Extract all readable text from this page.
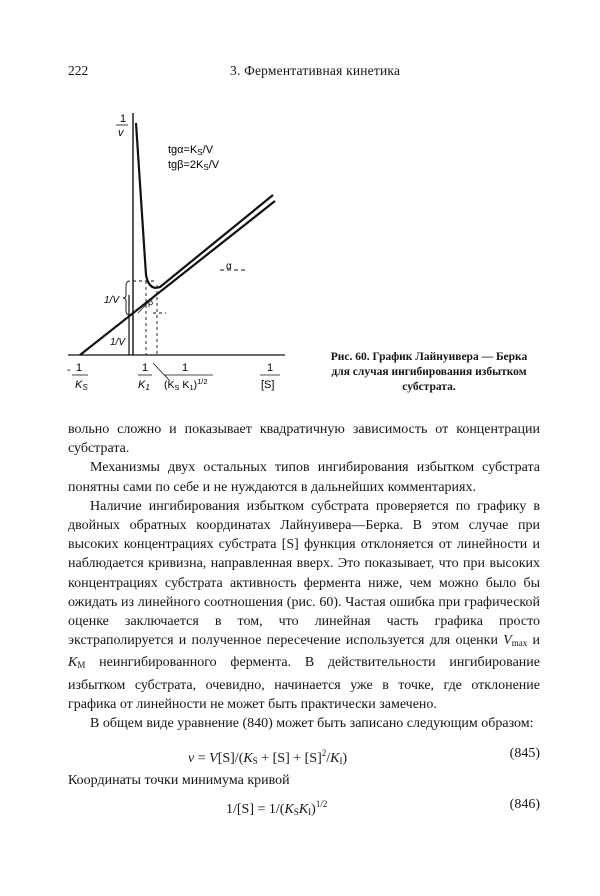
222	3. Ферментативная кинетика
1
v
tgα=KS/V
tgβ=2KS/V
1/V
1/V
α
β
- 1
KS
1
K1
1
(KS K1)$^{1/2}$
1
[S]
Рис. 60. График Лайнуивера — Берка
для случая ингибирования избытком
субстрата.

вольно сложно и показывает квадратичную зависимость от концентрации субстрата.

Механизмы двух остальных типов ингибирования избытком субстрата понятны сами по себе и не нуждаются в дальнейших комментариях.

Наличие ингибирования избытком субстрата проверяется по графику в двойных обратных координатах Лайнуивера—Берка. В этом случае при высоких концентрациях субстрата [S] функция отклоняется от линейности и наблюдается кривизна, направленная вверх. Это показывает, что при высоких концентрациях субстрата активность фермента ниже, чем можно было бы ожидать из линейного соотношения (рис. 60). Частая ошибка при графической оценке заключается в том, что линейная часть графика просто экстраполируется и полученное пересечение используется для оценки $V_{max}$ и $K_M$ неингибированного фермента. В действительности ингибирование избытком субстрата, очевидно, начинается уже в точке, где отклонение графика от линейности не может быть практически замечено.

В общем виде уравнение (840) может быть записано следующим образом:

$v = V[S]/(K_S + [S] + [S]^2/K_I)$	(845)

Координаты точки минимума кривой

$1/[S] = 1/(K_SK_I)^{1/2}$	(846)
